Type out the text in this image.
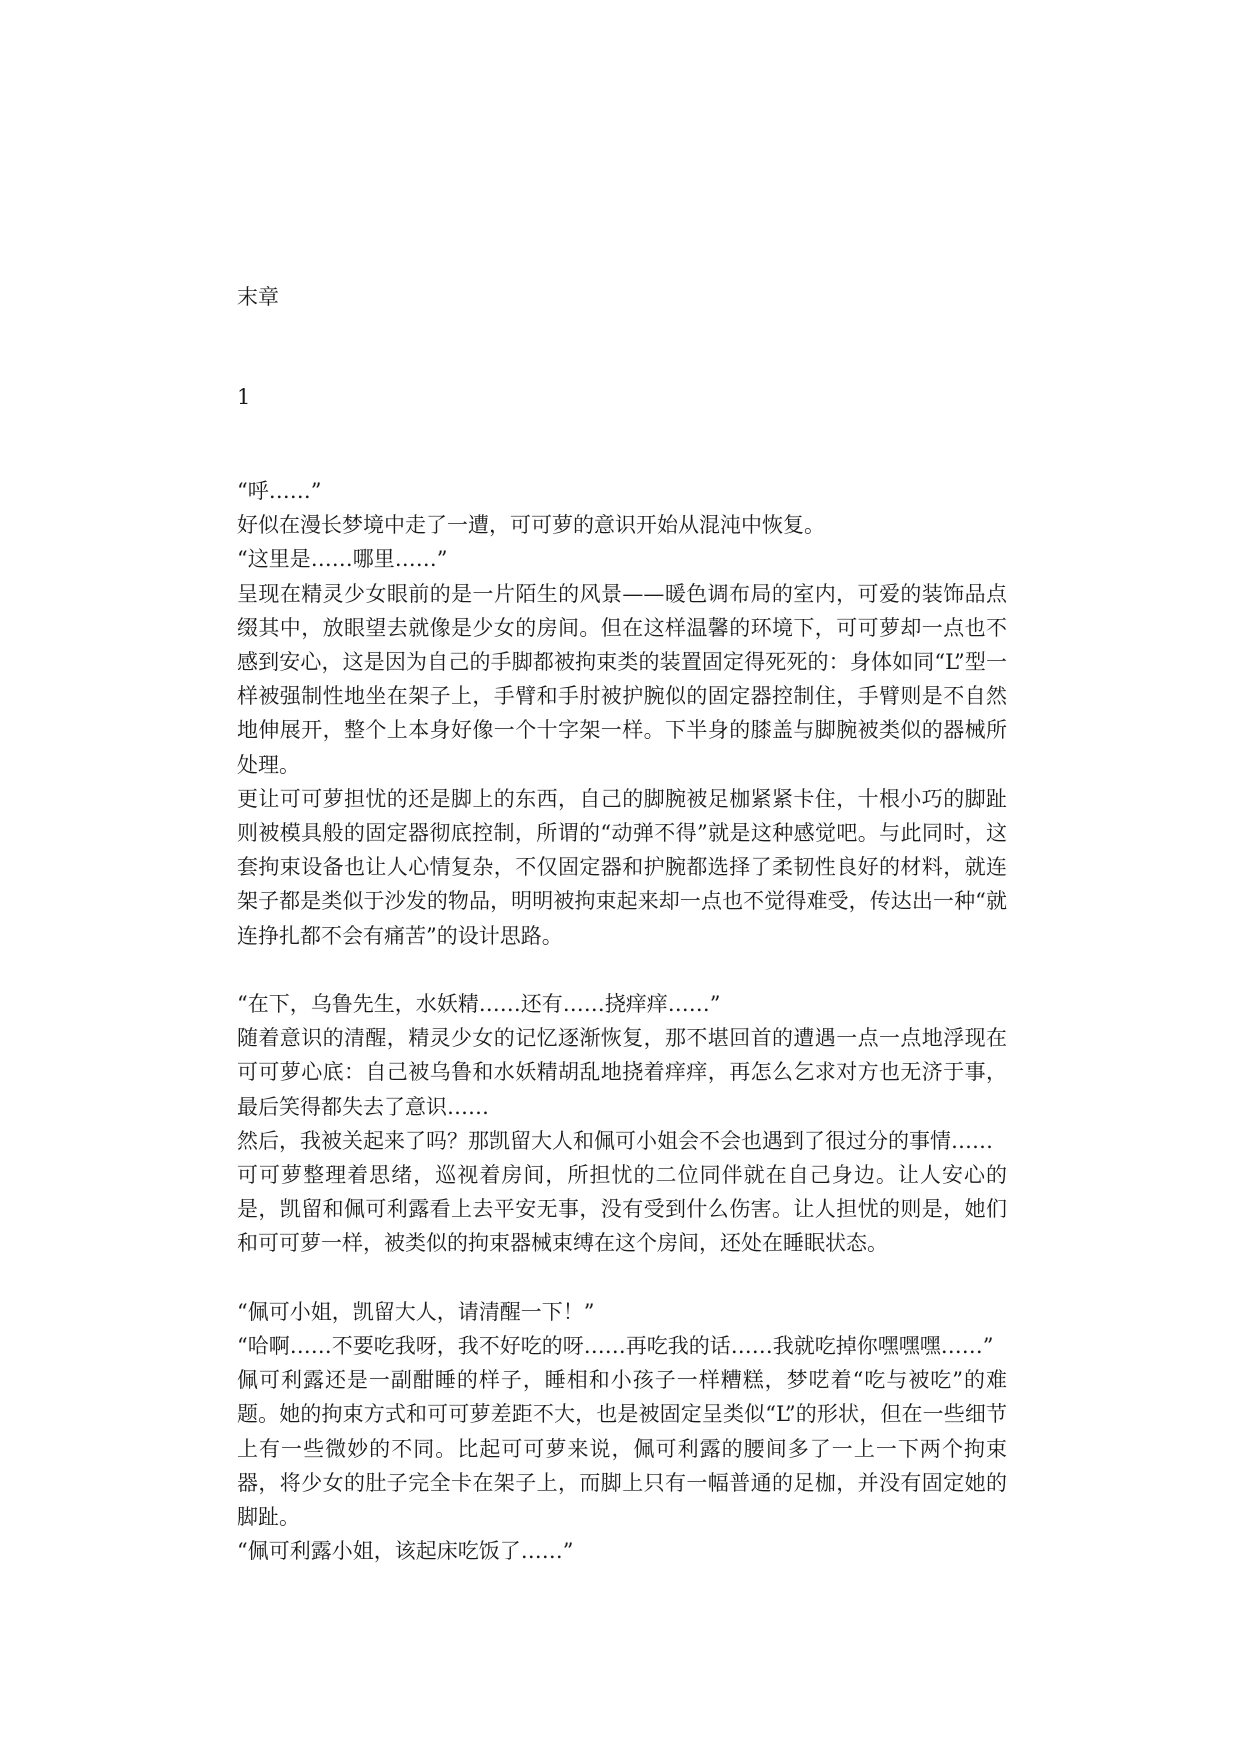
末章
1

“呼……”

好似在漫长梦境中走了一遭，可可萝的意识开始从混沌中恢复。

“这里是……哪里……”

呈现在精灵少女眼前的是一片陌生的风景——暖色调布局的室内，可爱的装饰品点缀其中，放眼望去就像是少女的房间。但在这样温馨的环境下，可可萝却一点也不感到安心，这是因为自己的手脚都被拘束类的装置固定得死死的：身体如同“L”型一样被强制性地坐在架子上，手臂和手肘被护腕似的固定器控制住，手臂则是不自然地伸展开，整个上本身好像一个十字架一样。下半身的膝盖与脚腕被类似的器械所处理。

更让可可萝担忧的还是脚上的东西，自己的脚腕被足枷紧紧卡住，十根小巧的脚趾则被模具般的固定器彻底控制，所谓的“动弹不得”就是这种感觉吧。与此同时，这套拘束设备也让人心情复杂，不仅固定器和护腕都选择了柔韧性良好的材料，就连架子都是类似于沙发的物品，明明被拘束起来却一点也不觉得难受，传达出一种“就连挣扎都不会有痛苦”的设计思路。

“在下，乌鲁先生，水妖精……还有……挠痒痒……”

随着意识的清醒，精灵少女的记忆逐渐恢复，那不堪回首的遭遇一点一点地浮现在可可萝心底：自己被乌鲁和水妖精胡乱地挠着痒痒，再怎么乞求对方也无济于事，最后笑得都失去了意识……

然后，我被关起来了吗？那凯留大人和佩可小姐会不会也遇到了很过分的事情……

可可萝整理着思绪，巡视着房间，所担忧的二位同伴就在自己身边。让人安心的是，凯留和佩可利露看上去平安无事，没有受到什么伤害。让人担忧的则是，她们和可可萝一样，被类似的拘束器械束缚在这个房间，还处在睡眠状态。

“佩可小姐，凯留大人，请清醒一下！”

“哈啊……不要吃我呀，我不好吃的呀……再吃我的话……我就吃掉你嘿嘿嘿……”

佩可利露还是一副酣睡的样子，睡相和小孩子一样糟糕，梦呓着“吃与被吃”的难题。她的拘束方式和可可萝差距不大，也是被固定呈类似“L”的形状，但在一些细节上有一些微妙的不同。比起可可萝来说，佩可利露的腰间多了一上一下两个拘束器，将少女的肚子完全卡在架子上，而脚上只有一幅普通的足枷，并没有固定她的脚趾。

“佩可利露小姐，该起床吃饭了……”
